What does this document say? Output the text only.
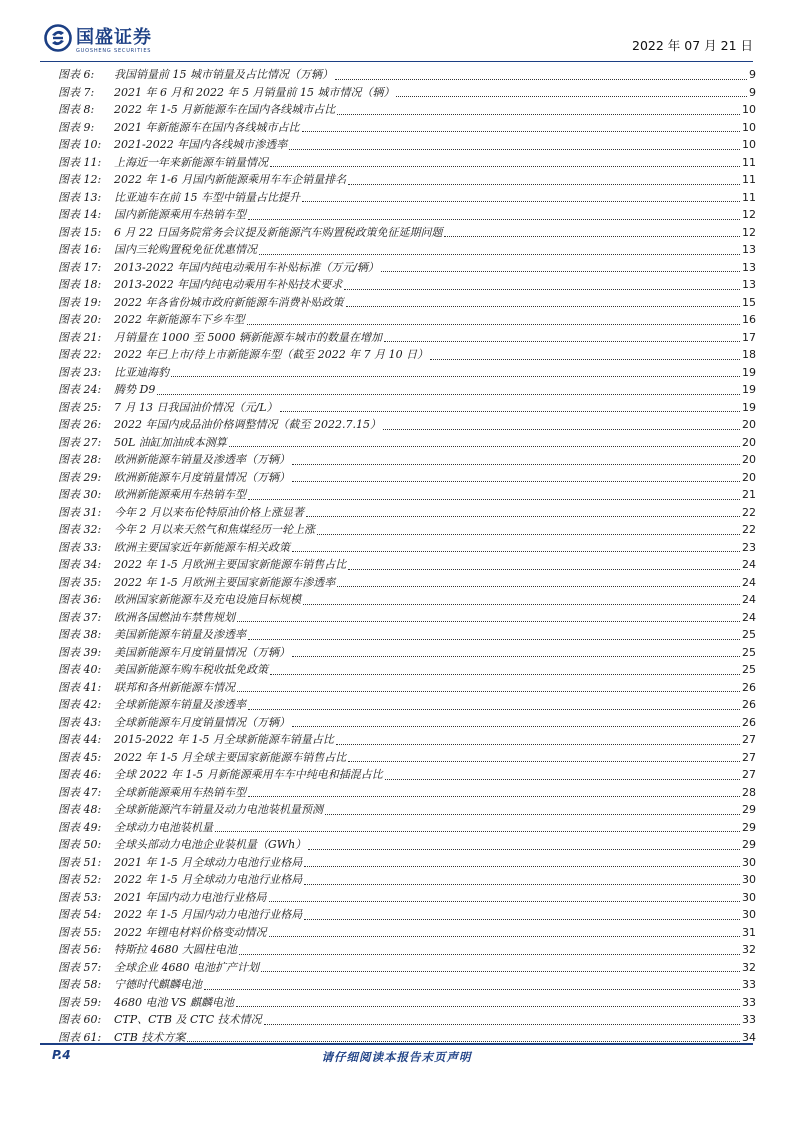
国盛证券
GUOSHENG SECURITIES	2022 年 07 月 21 日
图表 6:	我国销量前 15 城市销量及占比情况（万辆）	9
图表 7:	2021 年 6 月和 2022 年 5 月销量前 15 城市情况（辆）	9
图表 8:	2022 年 1-5 月新能源车在国内各线城市占比	10
图表 9:	2021 年新能源车在国内各线城市占比	10
图表 10:	2021-2022 年国内各线城市渗透率	10
图表 11:	上海近一年来新能源车销量情况	11
图表 12:	2022 年 1-6 月国内新能源乘用车车企销量排名	11
图表 13:	比亚迪车在前 15 车型中销量占比提升	11
图表 14:	国内新能源乘用车热销车型	12
图表 15:	6 月 22 日国务院常务会议提及新能源汽车购置税政策免征延期问题	12
图表 16:	国内三轮购置税免征优惠情况	13
图表 17:	2013-2022 年国内纯电动乘用车补贴标准（万元/辆）	13
图表 18:	2013-2022 年国内纯电动乘用车补贴技术要求	13
图表 19:	2022 年各省份城市政府新能源车消费补贴政策	15
图表 20:	2022 年新能源车下乡车型	16
图表 21:	月销量在 1000 至 5000 辆新能源车城市的数量在增加	17
图表 22:	2022 年已上市/待上市新能源车型（截至 2022 年 7 月 10 日）	18
图表 23:	比亚迪海豹	19
图表 24:	腾势 D9	19
图表 25:	7 月 13 日我国油价情况（元/L）	19
图表 26:	2022 年国内成品油价格调整情况（截至 2022.7.15）	20
图表 27:	50L 油缸加油成本测算	20
图表 28:	欧洲新能源车销量及渗透率（万辆）	20
图表 29:	欧洲新能源车月度销量情况（万辆）	20
图表 30:	欧洲新能源乘用车热销车型	21
图表 31:	今年 2 月以来布伦特原油价格上涨显著	22
图表 32:	今年 2 月以来天然气和焦煤经历一轮上涨	22
图表 33:	欧洲主要国家近年新能源车相关政策	23
图表 34:	2022 年 1-5 月欧洲主要国家新能源车销售占比	24
图表 35:	2022 年 1-5 月欧洲主要国家新能源车渗透率	24
图表 36:	欧洲国家新能源车及充电设施目标规模	24
图表 37:	欧洲各国燃油车禁售规划	24
图表 38:	美国新能源车销量及渗透率	25
图表 39:	美国新能源车月度销量情况（万辆）	25
图表 40:	美国新能源车购车税收抵免政策	25
图表 41:	联邦和各州新能源车情况	26
图表 42:	全球新能源车销量及渗透率	26
图表 43:	全球新能源车月度销量情况（万辆）	26
图表 44:	2015-2022 年 1-5 月全球新能源车销量占比	27
图表 45:	2022 年 1-5 月全球主要国家新能源车销售占比	27
图表 46:	全球 2022 年 1-5 月新能源乘用车车中纯电和插混占比	27
图表 47:	全球新能源乘用车热销车型	28
图表 48:	全球新能源汽车销量及动力电池装机量预测	29
图表 49:	全球动力电池装机量	29
图表 50:	全球头部动力电池企业装机量（GWh）	29
图表 51:	2021 年 1-5 月全球动力电池行业格局	30
图表 52:	2022 年 1-5 月全球动力电池行业格局	30
图表 53:	2021 年国内动力电池行业格局	30
图表 54:	2022 年 1-5 月国内动力电池行业格局	30
图表 55:	2022 年锂电材料价格变动情况	31
图表 56:	特斯拉 4680 大圆柱电池	32
图表 57:	全球企业 4680 电池扩产计划	32
图表 58:	宁德时代麒麟电池	33
图表 59:	4680 电池 VS 麒麟电池	33
图表 60:	CTP、CTB 及 CTC 技术情况	33
图表 61:	CTB 技术方案	34
P.4	请仔细阅读本报告末页声明
